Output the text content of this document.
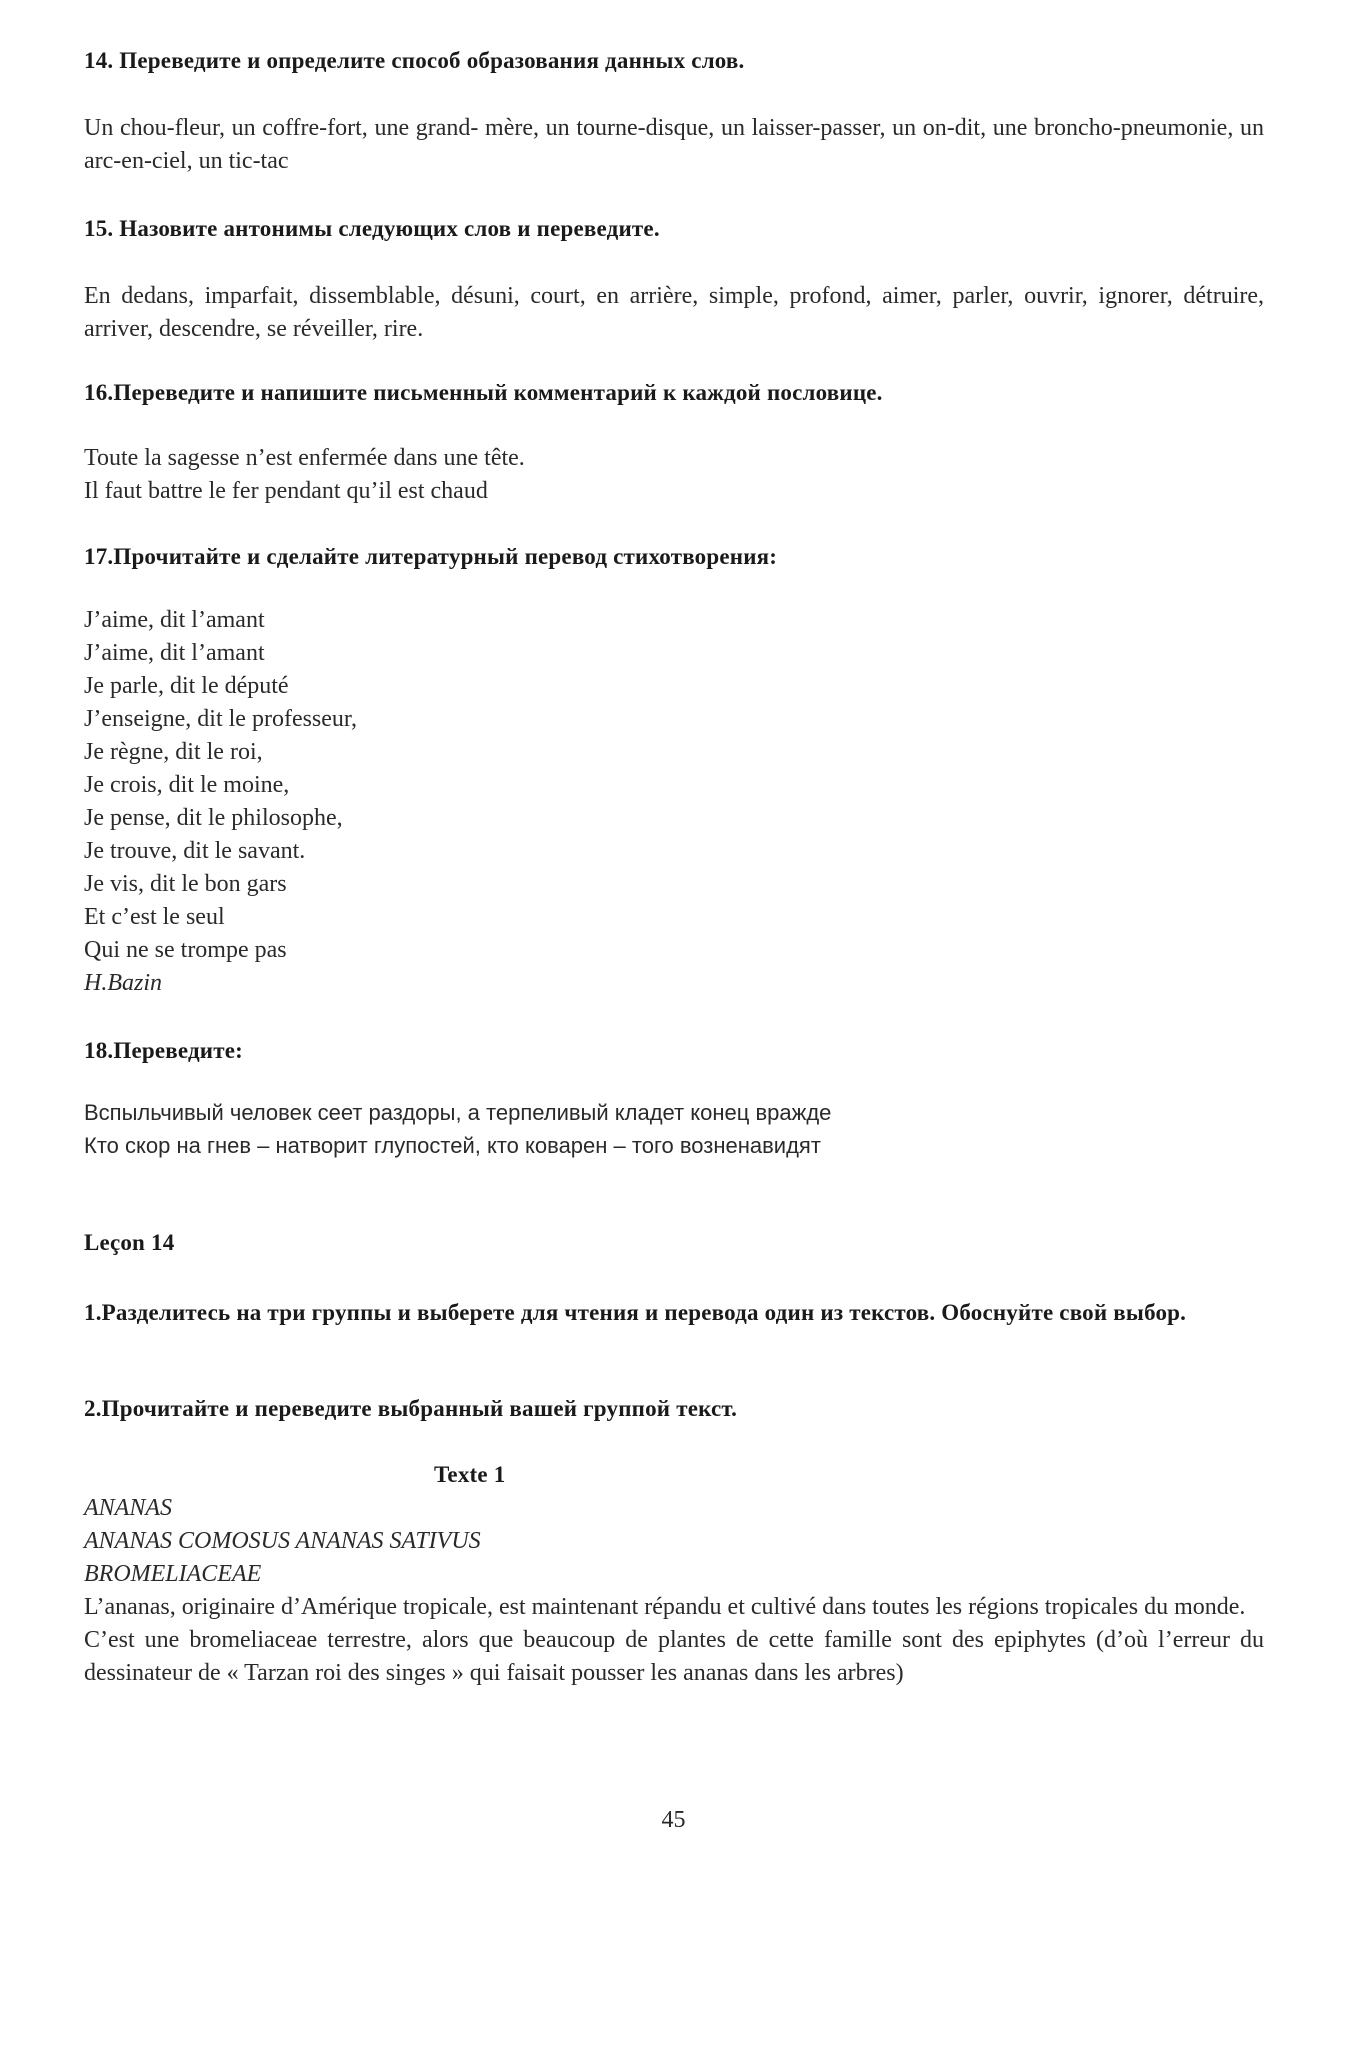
14. Переведите и определите способ образования данных слов.

Un chou-fleur, un coffre-fort, une grand- mère, un tourne-disque, un laisser-passer, un on-dit, une broncho-pneumonie, un arc-en-ciel, un tic-tac

15. Назовите антонимы следующих слов и переведите.

En dedans, imparfait, dissemblable, désuni, court, en arrière, simple, profond, aimer, parler, ouvrir, ignorer, détruire, arriver, descendre, se réveiller, rire.

16.Переведите и напишите письменный комментарий к каждой пословице.
Toute la sagesse n’est enfermée dans une tête.
Il faut battre le fer pendant qu’il est chaud
17.Прочитайте и сделайте литературный перевод стихотворения:
J’aime, dit l’amant
J’aime, dit l’amant
Je parle, dit le député
J’enseigne, dit le professeur,
Je règne, dit le roi,
Je crois, dit le moine,
Je pense, dit le philosophe,
Je trouve, dit le savant.
Je vis, dit le bon gars
Et c’est le seul
Qui ne se trompe pas
H.Bazin
18.Переведите:
Вспыльчивый человек сеет раздоры, а терпеливый кладет конец вражде
Кто скор на гнев – натворит глупостей, кто коварен – того возненавидят
Leçon 14
1.Разделитесь на три группы и выберете для чтения и перевода один из текстов. Обоснуйте свой выбор.
2.Прочитайте и переведите выбранный вашей группой текст.
Texte 1
ANANAS
ANANAS COMOSUS ANANAS SATIVUS
BROMELIACEAE
L’ananas, originaire d’Amérique tropicale, est maintenant répandu et cultivé dans toutes les régions tropicales du monde.
C’est une bromeliaceae terrestre, alors que beaucoup de plantes de cette famille sont des epiphytes (d’où l’erreur du dessinateur de « Tarzan roi des singes » qui faisait pousser les ananas dans les arbres)
45
